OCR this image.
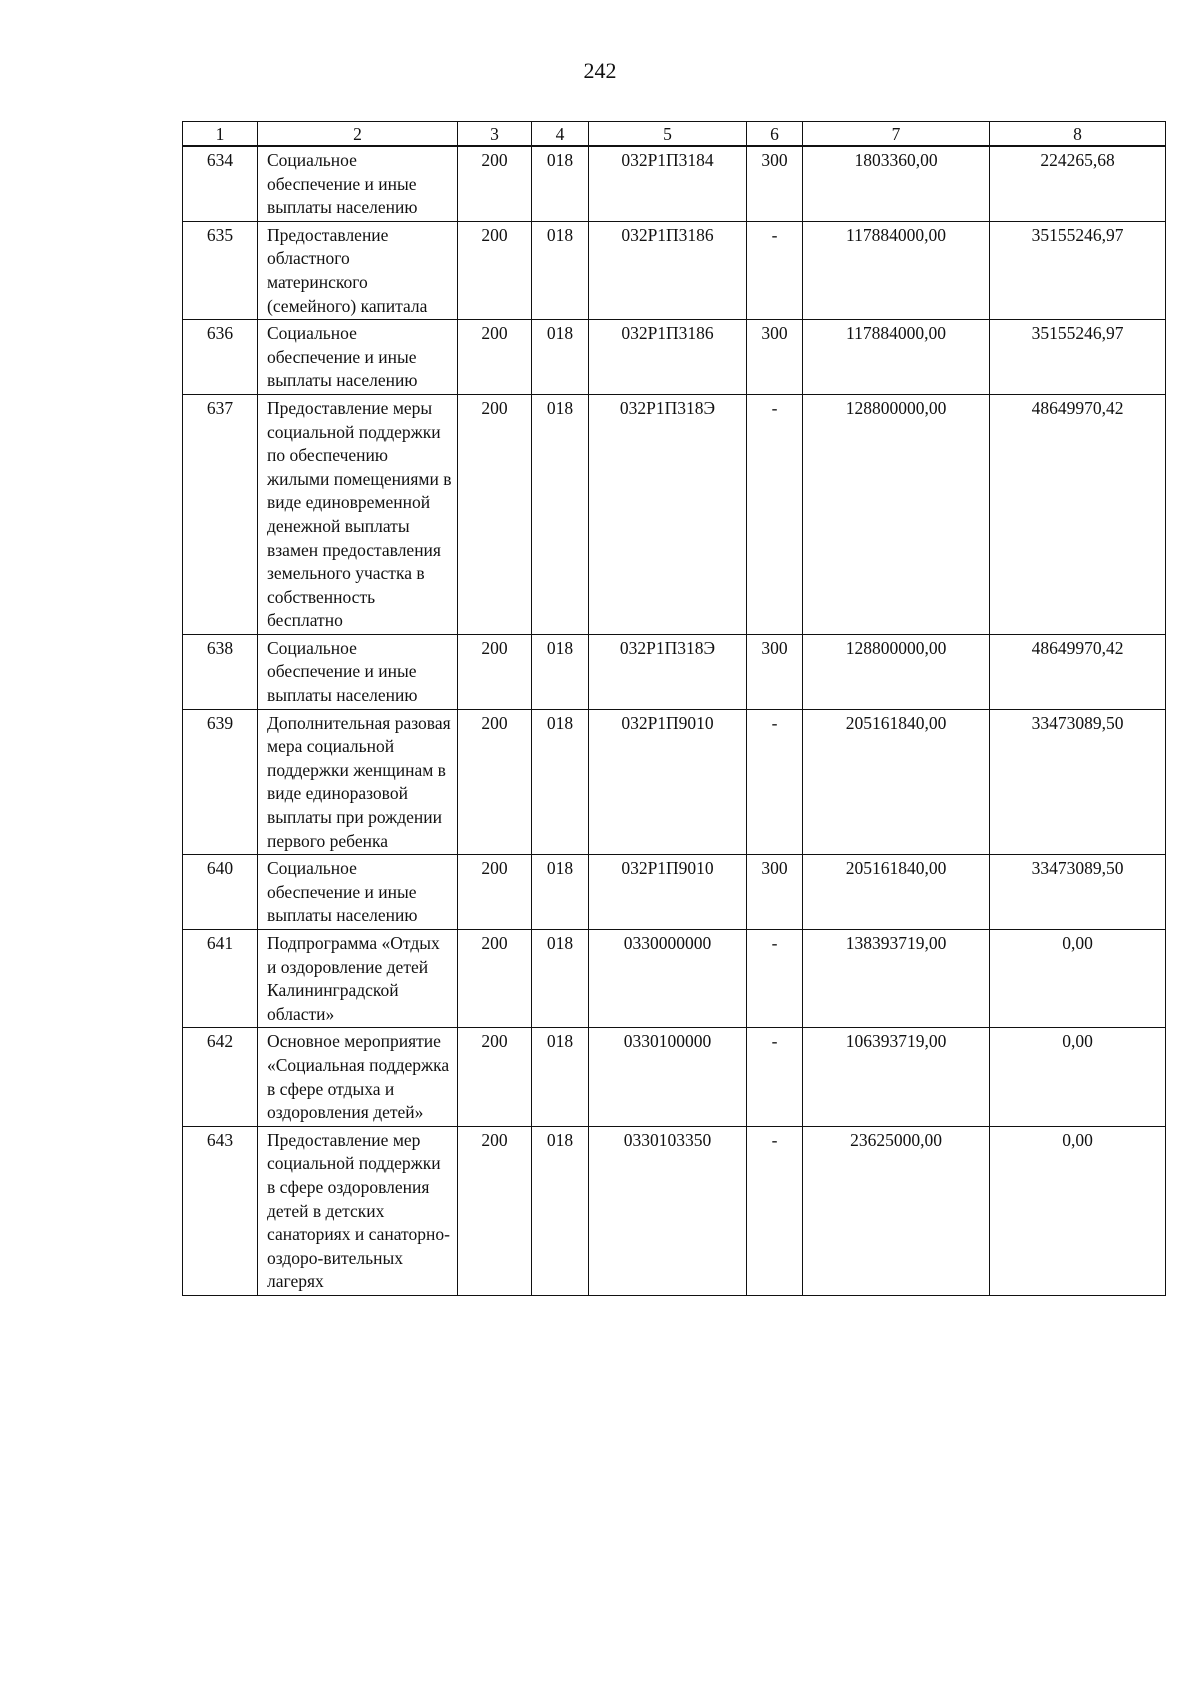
242
1	2	3	4	5	6	7	8
634	Социальное обеспечение и иные выплаты населению	200	018	032Р1П3184	300	1803360,00	224265,68
635	Предоставление областного материнского (семейного) капитала	200	018	032Р1П3186	-	117884000,00	35155246,97
636	Социальное обеспечение и иные выплаты населению	200	018	032Р1П3186	300	117884000,00	35155246,97
637	Предоставление меры социальной поддержки по обеспечению жилыми помещениями в виде единовременной денежной выплаты взамен предоставления земельного участка в собственность бесплатно	200	018	032Р1П318Э	-	128800000,00	48649970,42
638	Социальное обеспечение и иные выплаты населению	200	018	032Р1П318Э	300	128800000,00	48649970,42
639	Дополнительная разовая мера социальной поддержки женщинам в виде единоразовой выплаты при рождении первого ребенка	200	018	032Р1П9010	-	205161840,00	33473089,50
640	Социальное обеспечение и иные выплаты населению	200	018	032Р1П9010	300	205161840,00	33473089,50
641	Подпрограмма «Отдых и оздоровление детей Калининградской области»	200	018	0330000000	-	138393719,00	0,00
642	Основное мероприятие «Социальная поддержка в сфере отдыха и оздоровления детей»	200	018	0330100000	-	106393719,00	0,00
643	Предоставление мер социальной поддержки в сфере оздоровления детей в детских санаториях и санаторно-оздоро-вительных лагерях	200	018	0330103350	-	23625000,00	0,00
